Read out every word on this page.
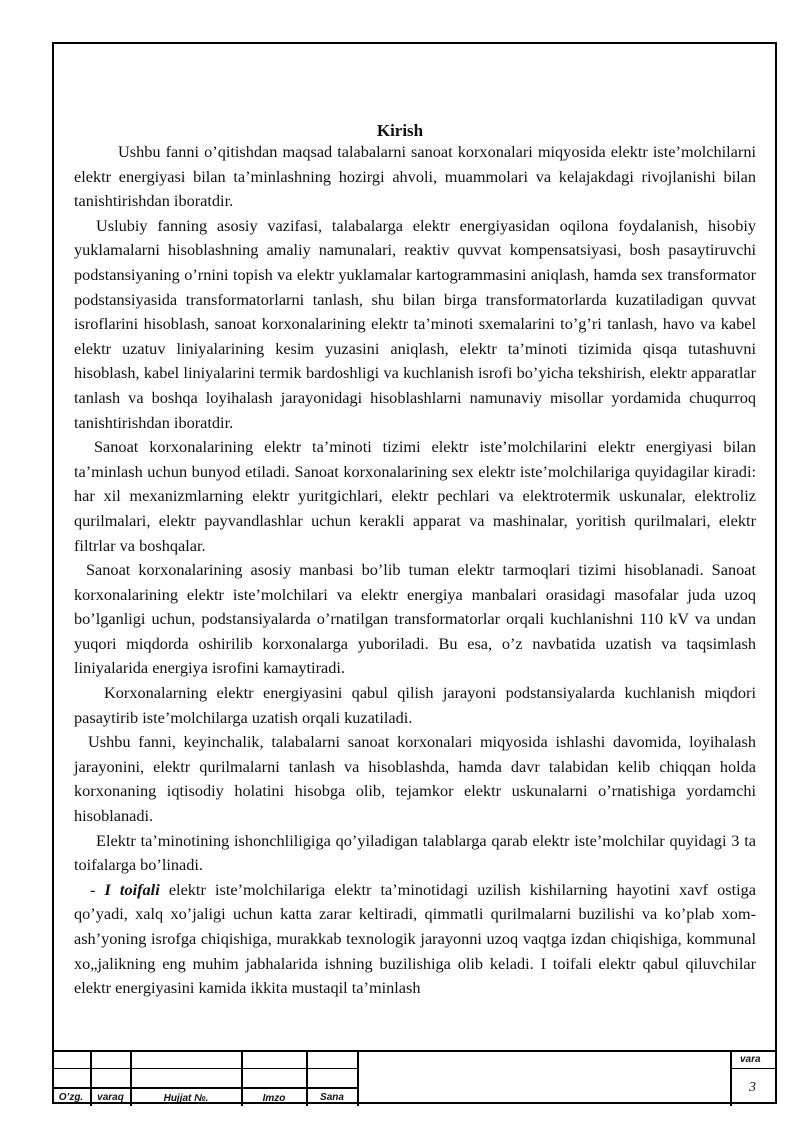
Kirish

Ushbu fanni o’qitishdan maqsad talabalarni sanoat korxonalari miqyosida elektr iste’molchilarni elektr energiyasi bilan ta’minlashning hozirgi ahvoli, muammolari va kelajakdagi rivojlanishi bilan tanishtirishdan iboratdir.

Uslubiy fanning asosiy vazifasi, talabalarga elektr energiyasidan oqilona foydalanish, hisobiy yuklamalarni hisoblashning amaliy namunalari, reaktiv quvvat kompensatsiyasi, bosh pasaytiruvchi podstansiyaning o’rnini topish va elektr yuklamalar kartogrammasini aniqlash, hamda sex transformator podstansiyasida transformatorlarni tanlash, shu bilan birga transformatorlarda kuzatiladigan quvvat isroflarini hisoblash, sanoat korxonalarining elektr ta’minoti sxemalarini to’g’ri tanlash, havo va kabel elektr uzatuv liniyalarining kesim yuzasini aniqlash, elektr ta’minoti tizimida qisqa tutashuvni hisoblash, kabel liniyalarini termik bardoshligi va kuchlanish isrofi bo’yicha tekshirish, elektr apparatlar tanlash va boshqa loyihalash jarayonidagi hisoblashlarni namunaviy misollar yordamida chuqurroq tanishtirishdan iboratdir.

Sanoat korxonalarining elektr ta’minoti tizimi elektr iste’molchilarini elektr energiyasi bilan ta’minlash uchun bunyod etiladi. Sanoat korxonalarining sex elektr iste’molchilariga quyidagilar kiradi: har xil mexanizmlarning elektr yuritgichlari, elektr pechlari va elektrotermik uskunalar, elektroliz qurilmalari, elektr payvandlashlar uchun kerakli apparat va mashinalar, yoritish qurilmalari, elektr filtrlar va boshqalar.

Sanoat korxonalarining asosiy manbasi bo’lib tuman elektr tarmoqlari tizimi hisoblanadi. Sanoat korxonalarining elektr iste’molchilari va elektr energiya manbalari orasidagi masofalar juda uzoq bo’lganligi uchun, podstansiyalarda o’rnatilgan transformatorlar orqali kuchlanishni 110 kV va undan yuqori miqdorda oshirilib korxonalarga yuboriladi. Bu esa, o’z navbatida uzatish va taqsimlash liniyalarida energiya isrofini kamaytiradi.

Korxonalarning elektr energiyasini qabul qilish jarayoni podstansiyalarda kuchlanish miqdori pasaytirib iste’molchilarga uzatish orqali kuzatiladi.

Ushbu fanni, keyinchalik, talabalarni sanoat korxonalari miqyosida ishlashi davomida, loyihalash jarayonini, elektr qurilmalarni tanlash va hisoblashda, hamda davr talabidan kelib chiqqan holda korxonaning iqtisodiy holatini hisobga olib, tejamkor elektr uskunalarni o’rnatishiga yordamchi hisoblanadi.

Elektr ta’minotining ishonchliligiga qo’yiladigan talablarga qarab elektr iste’molchilar quyidagi 3 ta toifalarga bo’linadi.

- I toifali elektr iste’molchilariga elektr ta’minotidagi uzilish kishilarning hayotini xavf ostiga qo’yadi, xalq xo’jaligi uchun katta zarar keltiradi, qimmatli qurilmalarni buzilishi va ko’plab xom-ash’yoning isrofga chiqishiga, murakkab texnologik jarayonni uzoq vaqtga izdan chiqishiga, kommunal xo„jalikning eng muhim jabhalarida ishning buzilishiga olib keladi. I toifali elektr qabul qiluvchilar elektr energiyasini kamida ikkita mustaqil ta’minlash

O’zg.	varaq	Hujjat №.	Imzo	Sana
vara
3
